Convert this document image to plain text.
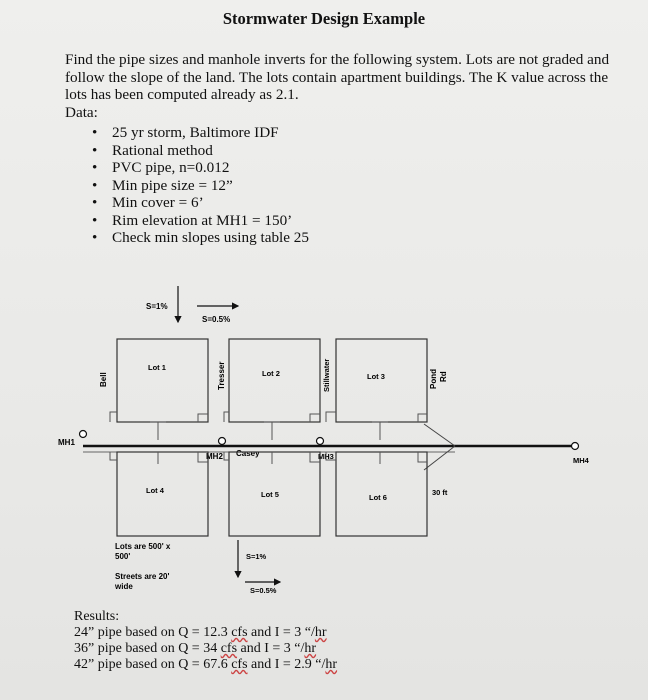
Stormwater Design Example
Find the pipe sizes and manhole inverts for the following system. Lots are not graded and follow the slope of the land. The lots contain apartment buildings. The K value across the lots has been computed already as 2.1.
Data:
• 25 yr storm, Baltimore IDF
• Rational method
• PVC pipe, n=0.012
• Min pipe size = 12”
• Min cover = 6’
• Rim elevation at MH1 = 150’
• Check min slopes using table 25
S=1%
S=0.5%
Lot 1
Lot 2	Lot 3
Bell	Tresser	Stillwater	Pond Rd
MH1
MH2 Casey	MH3	MH4
Lot 4	Lot 5	Lot 6
30 ft
Lots are 500' x
500'
Streets are 20'
wide
S=1%
S=0.5%
Results:
24” pipe based on Q = 12.3 cfs and I = 3 “/hr
36” pipe based on Q = 34 cfs and I = 3 “/hr
42” pipe based on Q = 67.6 cfs and I = 2.9 “/hr
